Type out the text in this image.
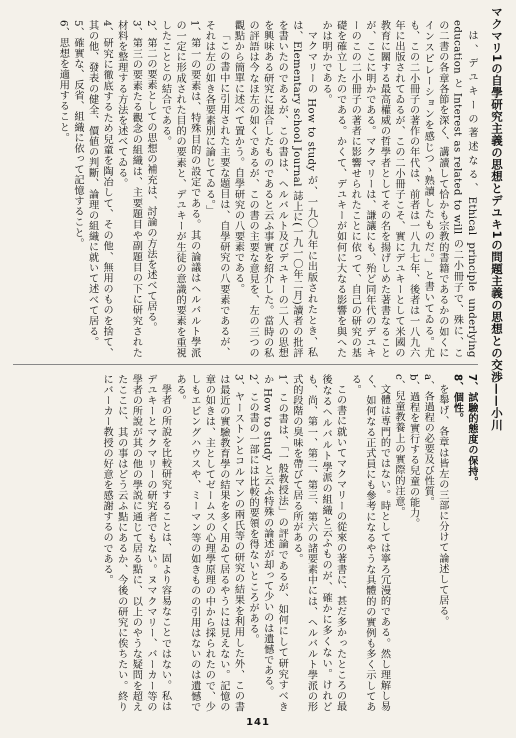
マクマリ1の自學研究主義の思想とデユキ1の問題主義の思想との交渉——小川

は、デユキーの著述なる、Ethical principle underlying education と Interest as related to will の二小冊子で、殊に、この二書の各章各節を深く、講讀して恰かも宗教的書籍であるかの如くにインスピレーションを感じつゝ熟讀したものだ。」と書いてゐる。尤も、この二小冊子の著作の年代は、前者は一八九七年、後者は一八九六年に出版されてゐるが、この二小冊子こそ、實にデユキーとして米國の教育に關する最高權威の哲學者としてその名を揚げしめた著書なることが、ここに明かである。マクマリーは、謙讓にも、殆ど同年代のデユキーのこの二小冊子の著者に影響せられたことに依って、自己の研究の基礎を確立したのである。かくて、デユキーが如何に大なる影響を與へたかは明かである。

マクマリーの How to study が、一九〇九年に出版されたとき、私は、Elementary school Journal 誌上に(一九一〇年二月)讀者の批評を書いたのであるが、この書は、ヘルバルト及びデユキーの二人の思想を興味ある研究に混合したものであると云ふ事實を紹介した。當時の私の評語は今なほ左の如くであるが、この書の主要な意見を、左の三つの觀點から簡單に述べて置かう。自學研究の八要素である。

「この書中に引用された主要な題目は、自學研究の八要素であるが、それは左の如き各要素別に論じてゐる。」

1、第一の要素は、特殊目的の設定である。其の論議はヘルバルト學派の一定に形成された目的の要素と、デユキーが生徒の意識的要素を重視したこととの結合である。

2、第二の要素としての思想の補充は、討論の方法を述べて居る。

3、第三の要素たる觀念の組織は、主要題目や副題目の下に研究された材料を整理する方法を述べてゐる。

4、研究に徹底するため兒童を陶冶して、その他、無用のものを捨て、其の他、發表の健全、價値の判斷、論理の組織に就いて述べて居る。

5、確實な、反省、組織に依って記憶すること。

6、思想を適用すること。

7、試驗的態度の保持。

8、個性。

を舉げ、各章は皆左の三部に分けて論述して居る。

a、各過程の必要及び性質。

b、過程を實行する兒童の能力。

c、兒童教養上の實際的注意。

文體は専門的ではない。時としては寧ろ冗漫的である。然し理解し易く、如何なる正式員にも參考になるやうな具體的の實例も多く示してある。

この書に就いてマクマリーの從來の著書に、甚だ多かったところの最後なるヘルバルト學派の組織と云ふものが、確かに多くない。けれども、尚、第一、第二、第三、第六の諸要素中には、ヘルバルト學派の形式的段階の臭味を帶びて居る所がある。

1、この書は、「一般教授法」の評論であるが、如何にして研究すべきか How to study と云ふ特殊の論述が却って少いのは遺憾である。

2、この書の一部には比較的要領を得ないところがある。

3、ヤーストンとコルマンの兩氏等の研究の結果を利用した外、この書は最近の實驗教育學の結果を多く用ゐて居るやうには見えない。記憶の章の如きは、主としてゼームスの心理學原理の中から採られたので、少しもエビングハウスや、ミーマン等の如きものの引用はないのは遺憾である。

學者の所說を比較研究することは、固より容易なことではない。私はデユキーとマクマリーの研究者でもない。ヌマクマリー、バーカー等の學者の所說が其の他の學説に通じて居る點に、以上のやうな疑問を超えたここに、其の事はどう云ふ點にあるか、今後の研究に俟ちたい。終りにバーカー教授の好意を感謝するのである。

141
